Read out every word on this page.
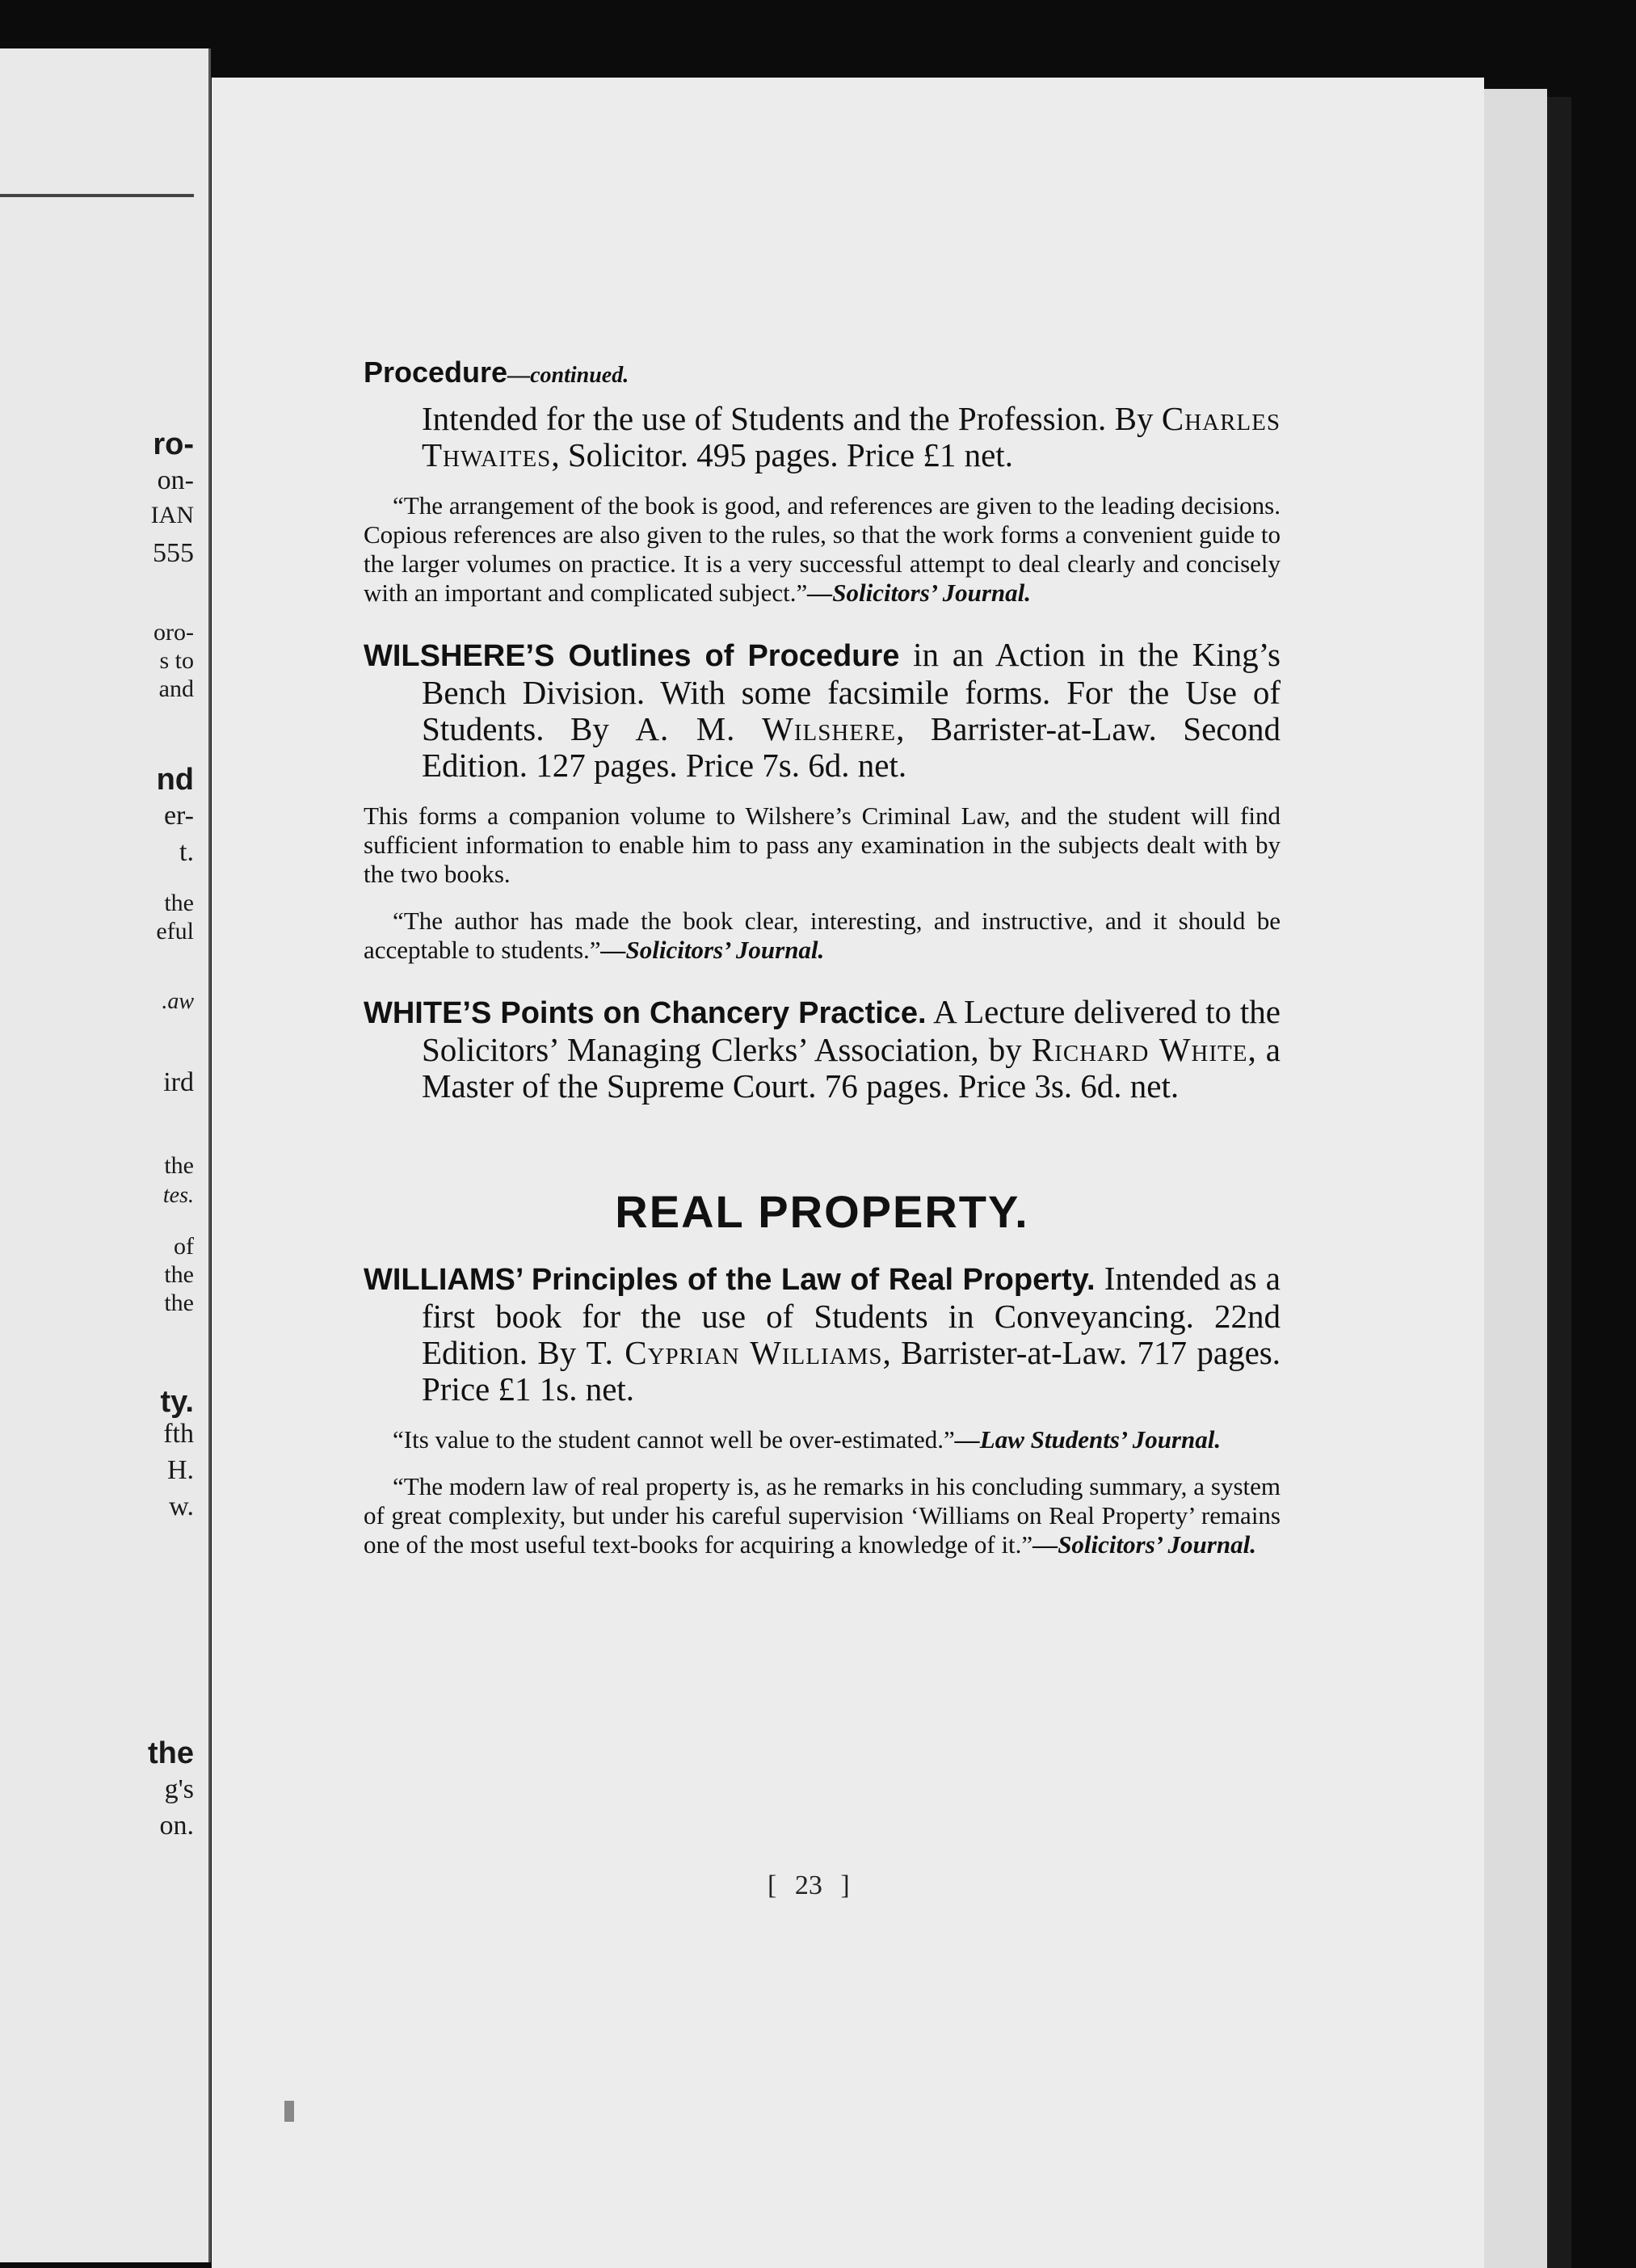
ro-
on-
IAN
555
oro-
s to
and
nd
er-
t.
the
eful
.aw
ird
the
tes.
of
the
the
ty.
fth
H.
w.
the
g's
on.
Procedure—continued.
Intended for the use of Students and the Profession. By Charles Thwaites, Solicitor. 495 pages. Price £1 net.
“The arrangement of the book is good, and references are given to the leading decisions. Copious references are also given to the rules, so that the work forms a convenient guide to the larger volumes on practice. It is a very successful attempt to deal clearly and concisely with an important and complicated subject.”—Solicitors’ Journal.
WILSHERE’S Outlines of Procedure in an Action in the King’s Bench Division. With some facsimile forms. For the Use of Students. By A. M. Wilshere, Barrister-at-Law. Second Edition. 127 pages. Price 7s. 6d. net.
This forms a companion volume to Wilshere’s Criminal Law, and the student will find sufficient information to enable him to pass any examination in the subjects dealt with by the two books.
“The author has made the book clear, interesting, and instructive, and it should be acceptable to students.”—Solicitors’ Journal.
WHITE’S Points on Chancery Practice. A Lecture delivered to the Solicitors’ Managing Clerks’ Association, by Richard White, a Master of the Supreme Court. 76 pages. Price 3s. 6d. net.
REAL PROPERTY.
WILLIAMS’ Principles of the Law of Real Property. Intended as a first book for the use of Students in Conveyancing. 22nd Edition. By T. Cyprian Williams, Barrister-at-Law. 717 pages. Price £1 1s. net.
“Its value to the student cannot well be over-estimated.”—Law Students’ Journal.
“The modern law of real property is, as he remarks in his concluding summary, a system of great complexity, but under his careful supervision ‘Williams on Real Property’ remains one of the most useful text-books for acquiring a knowledge of it.”—Solicitors’ Journal.
[ 23 ]
